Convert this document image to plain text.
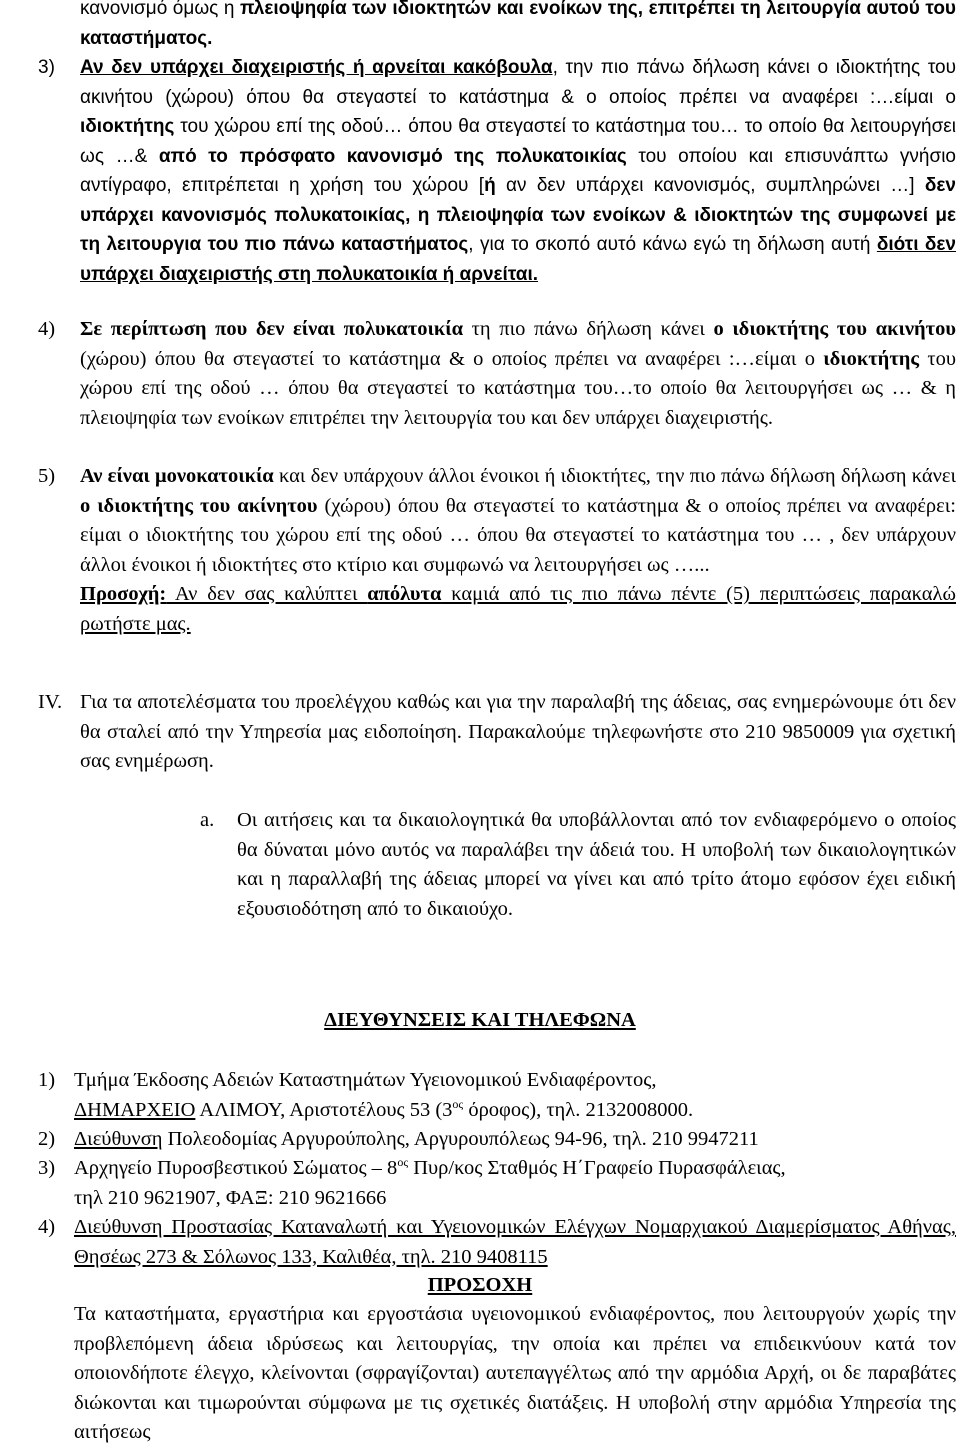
κανονισμό όμως η πλειοψηφία των ιδιοκτητών και ενοίκων της, επιτρέπει τη λειτουργία αυτού του καταστήματος.

3) Αν δεν υπάρχει διαχειριστής ή αρνείται κακόβουλα, την πιο πάνω δήλωση κάνει ο ιδιοκτήτης του ακινήτου (χώρου) όπου θα στεγαστεί το κατάστημα & ο οποίος πρέπει να αναφέρει :…είμαι ο ιδιοκτήτης του χώρου επί της οδού… όπου θα στεγαστεί το κατάστημα του… το οποίο θα λειτουργήσει ως …& από το πρόσφατο κανονισμό της πολυκατοικίας του οποίου και επισυνάπτω γνήσιο αντίγραφο, επιτρέπεται η χρήση του χώρου [ή αν δεν υπάρχει κανονισμός, συμπληρώνει …] δεν υπάρχει κανονισμός πολυκατοικίας, η πλειοψηφία των ενοίκων & ιδιοκτητών της συμφωνεί με τη λειτουργια του πιο πάνω καταστήματος, για το σκοπό αυτό κάνω εγώ τη δήλωση αυτή διότι δεν υπάρχει διαχειριστής στη πολυκατοικία ή αρνείται.

4) Σε περίπτωση που δεν είναι πολυκατοικία τη πιο πάνω δήλωση κάνει ο ιδιοκτήτης του ακινήτου (χώρου) όπου θα στεγαστεί το κατάστημα & ο οποίος πρέπει να αναφέρει :…είμαι ο ιδιοκτήτης του χώρου επί της οδού … όπου θα στεγαστεί το κατάστημα του…το οποίο θα λειτουργήσει ως … & η πλειοψηφία των ενοίκων επιτρέπει την λειτουργία του και δεν υπάρχει διαχειριστής.

5) Αν είναι μονοκατοικία και δεν υπάρχουν άλλοι ένοικοι ή ιδιοκτήτες, την πιο πάνω δήλωση δήλωση κάνει ο ιδιοκτήτης του ακίνητου (χώρου) όπου θα στεγαστεί το κατάστημα & ο οποίος πρέπει να αναφέρει: είμαι ο ιδιοκτήτης του χώρου επί της οδού … όπου θα στεγαστεί το κατάστημα του … , δεν υπάρχουν άλλοι ένοικοι ή ιδιοκτήτες στο κτίριο και συμφωνώ να λειτουργήσει ως …...

Προσοχή: Αν δεν σας καλύπτει απόλυτα καμιά από τις πιο πάνω πέντε (5) περιπτώσεις παρακαλώ ρωτήστε μας.

IV. Για τα αποτελέσματα του προελέγχου καθώς και για την παραλαβή της άδειας, σας ενημερώνουμε ότι δεν θα σταλεί από την Υπηρεσία μας ειδοποίηση. Παρακαλούμε τηλεφωνήστε στο 210 9850009 για σχετική σας ενημέρωση.

a. Οι αιτήσεις και τα δικαιολογητικά θα υποβάλλονται από τον ενδιαφερόμενο ο οποίος θα δύναται μόνο αυτός να παραλάβει την άδειά του. Η υποβολή των δικαιολογητικών και η παραλλαβή της άδειας μπορεί να γίνει και από τρίτο άτομο εφόσον έχει ειδική εξουσιοδότηση από το δικαιούχο.

ΔΙΕΥΘΥΝΣΕΙΣ ΚΑΙ ΤΗΛΕΦΩΝΑ
1) Τμήμα Έκδοσης Αδειών Καταστημάτων Υγειονομικού Ενδιαφέροντος,

ΔΗΜΑΡΧΕΙΟ ΑΛΙΜΟΥ, Αριστοτέλους 53 ($3^{o\varsigma}$ όροφος), τηλ. 2132008000.

2) Διεύθυνση Πολεοδομίας Αργυρούπολης, Αργυρουπόλεως 94-96, τηλ. 210 9947211

3) Αρχηγείο Πυροσβεστικού Σώματος – $8^{o\varsigma}$ Πυρ/κος Σταθμός Η΄Γραφείο Πυρασφάλειας,

τηλ 210 9621907, ΦΑΞ: 210 9621666

4) Διεύθυνση Προστασίας Καταναλωτή και Υγειονομικών Ελέγχων Νομαρχιακού Διαμερίσματος Αθήνας, Θησέως 273 & Σόλωνος 133, Καλιθέα, τηλ. 210 9408115

ΠΡΟΣΟΧΗ

Τα καταστήματα, εργαστήρια και εργοστάσια υγειονομικού ενδιαφέροντος, που λειτουργούν χωρίς την προβλεπόμενη άδεια ιδρύσεως και λειτουργίας, την οποία και πρέπει να επιδεικνύουν κατά τον οποιονδήποτε έλεγχο, κλείνονται (σφραγίζονται) αυτεπαγγέλτως από την αρμόδια Αρχή, οι δε παραβάτες διώκονται και τιμωρούνται σύμφωνα με τις σχετικές διατάξεις. Η υποβολή στην αρμόδια Υπηρεσία της αιτήσεως
